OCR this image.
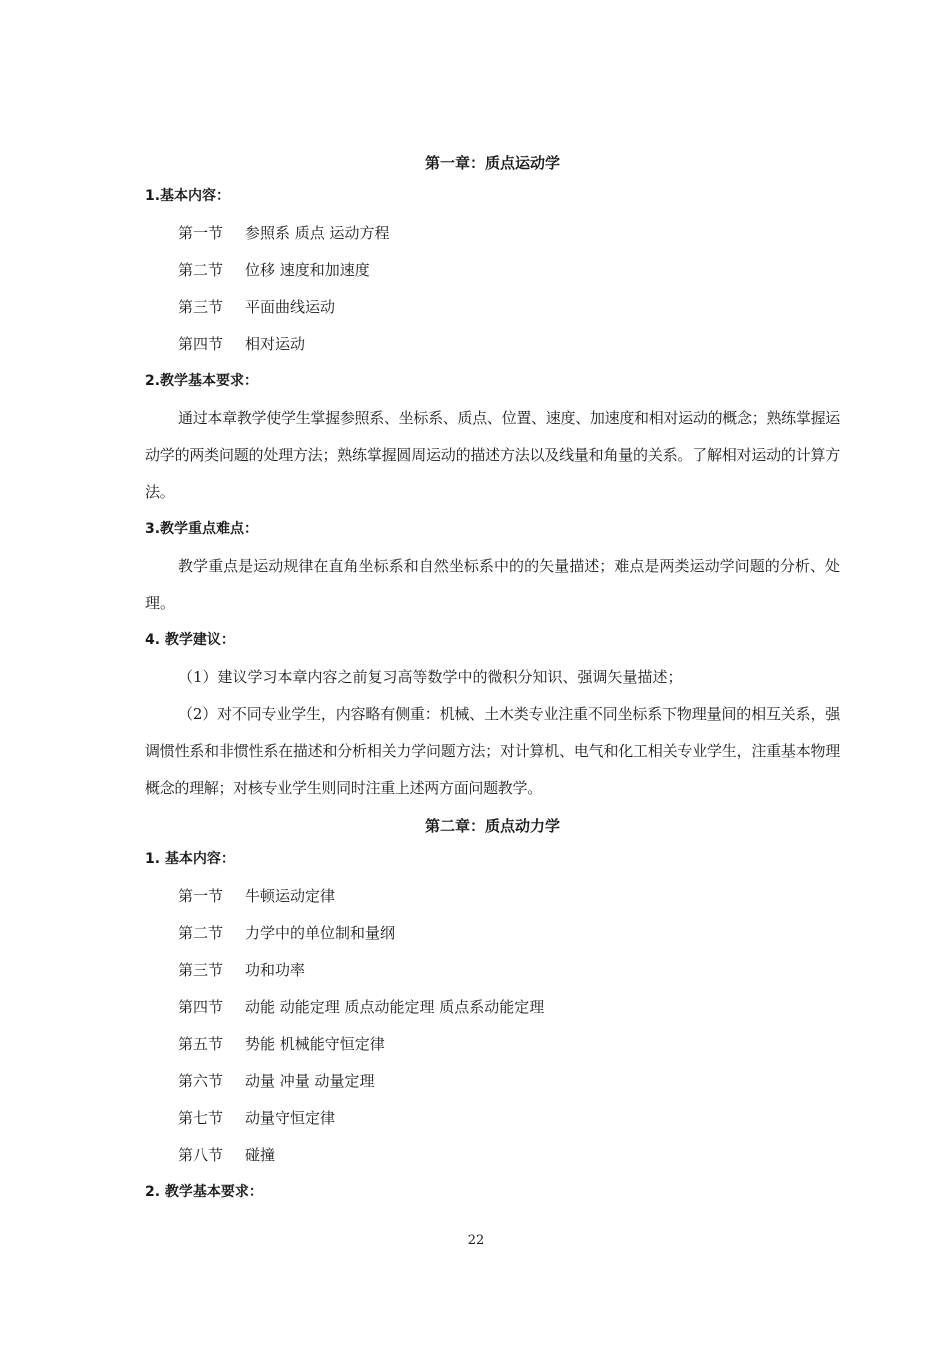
第一章：质点运动学
1.基本内容：

第一节 参照系 质点 运动方程

第二节 位移 速度和加速度

第三节 平面曲线运动

第四节 相对运动

2.教学基本要求：

通过本章教学使学生掌握参照系、坐标系、质点、位置、速度、加速度和相对运动的概念；熟练掌握运动学的两类问题的处理方法；熟练掌握圆周运动的描述方法以及线量和角量的关系。了解相对运动的计算方法。

3.教学重点难点：

教学重点是运动规律在直角坐标系和自然坐标系中的的矢量描述；难点是两类运动学问题的分析、处理。

4. 教学建议：

（1）建议学习本章内容之前复习高等数学中的微积分知识、强调矢量描述；

（2）对不同专业学生，内容略有侧重：机械、土木类专业注重不同坐标系下物理量间的相互关系，强调惯性系和非惯性系在描述和分析相关力学问题方法；对计算机、电气和化工相关专业学生，注重基本物理概念的理解；对核专业学生则同时注重上述两方面问题教学。

第二章：质点动力学
1. 基本内容：

第一节 牛顿运动定律

第二节 力学中的单位制和量纲

第三节 功和功率

第四节 动能 动能定理 质点动能定理 质点系动能定理

第五节 势能 机械能守恒定律

第六节 动量 冲量 动量定理

第七节 动量守恒定律

第八节 碰撞

2. 教学基本要求：
22
